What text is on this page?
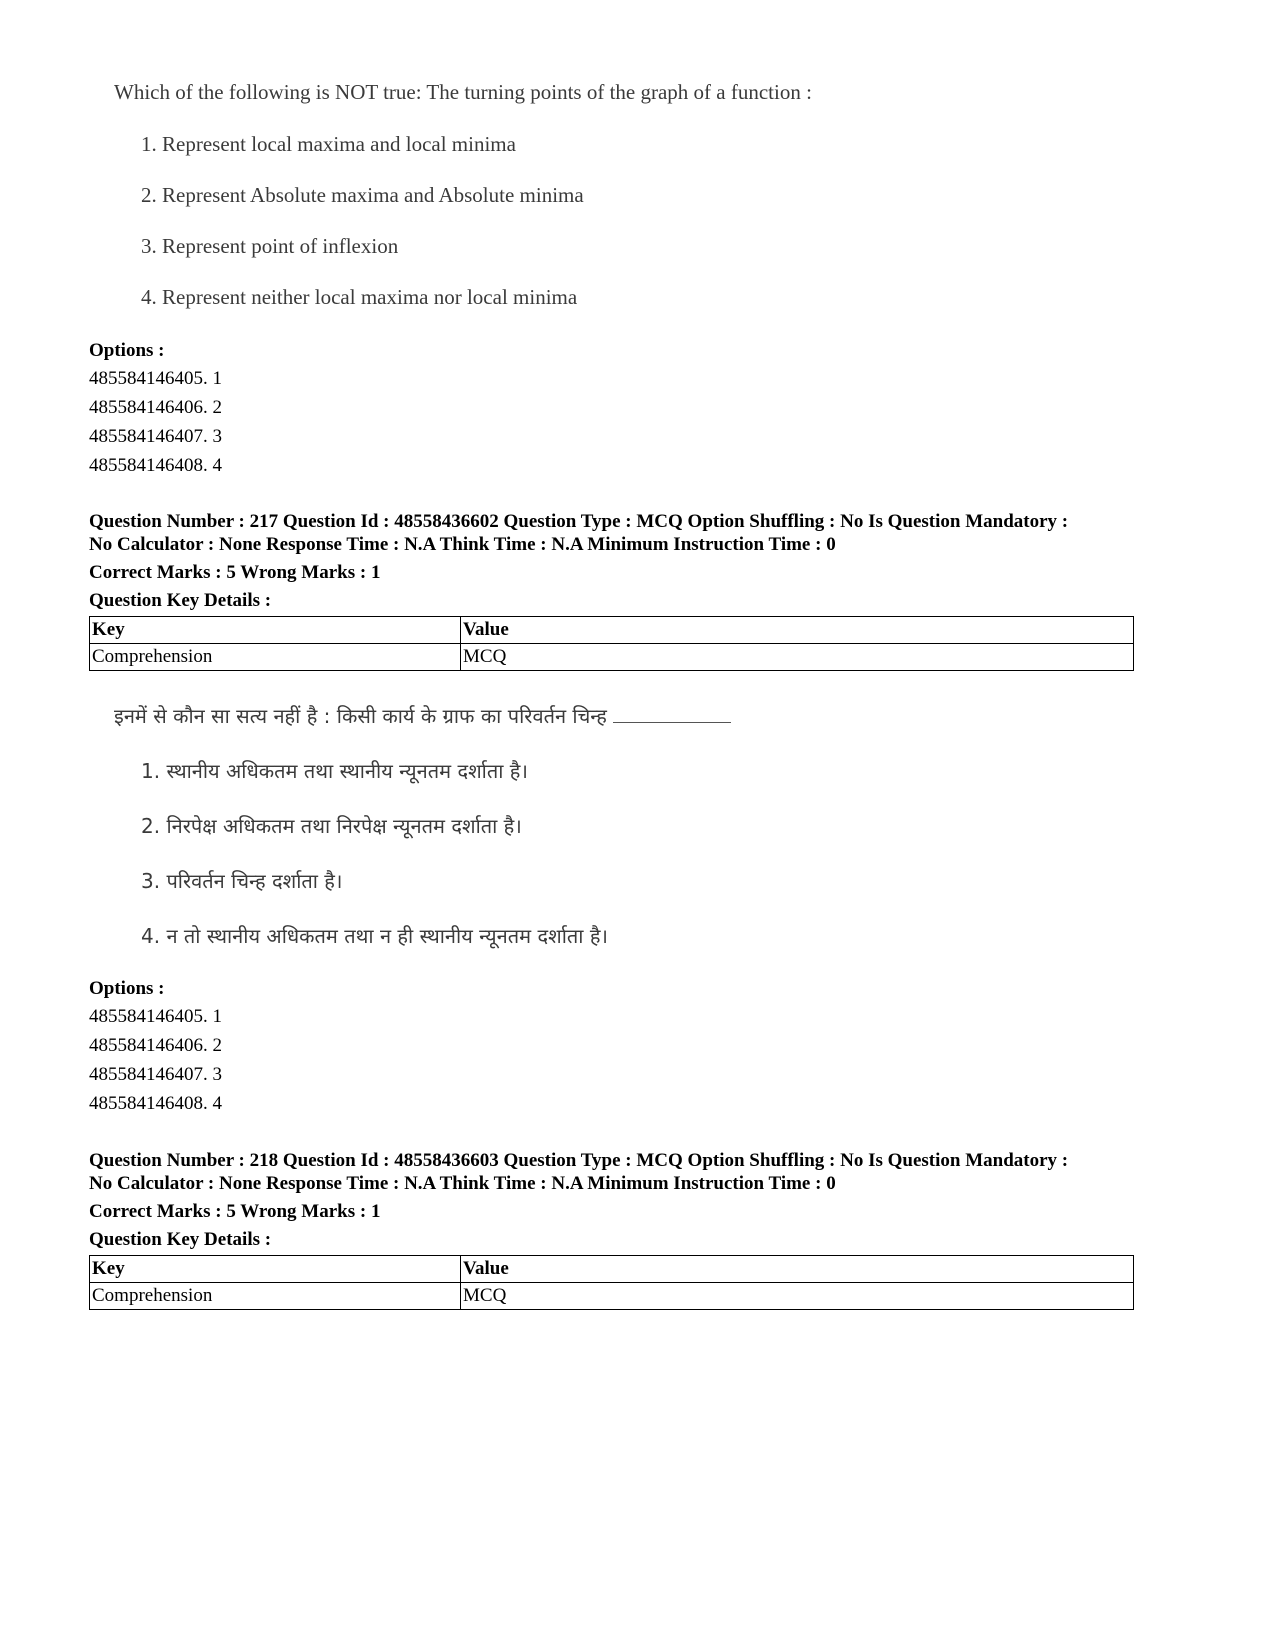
Which of the following is NOT true: The turning points of the graph of a function :
1. Represent local maxima and local minima
2. Represent Absolute maxima and Absolute minima
3. Represent point of inflexion
4. Represent neither local maxima nor local minima
Options :
485584146405. 1
485584146406. 2
485584146407. 3
485584146408. 4
Question Number : 217 Question Id : 48558436602 Question Type : MCQ Option Shuffling : No Is Question Mandatory :
No Calculator : None Response Time : N.A Think Time : N.A Minimum Instruction Time : 0
Correct Marks : 5 Wrong Marks : 1
Question Key Details :
Key	Value
Comprehension	MCQ
इनमें से कौन सा सत्य नहीं है : किसी कार्य के ग्राफ का परिवर्तन चिन्ह
1. स्थानीय अधिकतम तथा स्थानीय न्यूनतम दर्शाता है।
2. निरपेक्ष अधिकतम तथा निरपेक्ष न्यूनतम दर्शाता है।
3. परिवर्तन चिन्ह दर्शाता है।
4. न तो स्थानीय अधिकतम तथा न ही स्थानीय न्यूनतम दर्शाता है।
Options :
485584146405. 1
485584146406. 2
485584146407. 3
485584146408. 4
Question Number : 218 Question Id : 48558436603 Question Type : MCQ Option Shuffling : No Is Question Mandatory :
No Calculator : None Response Time : N.A Think Time : N.A Minimum Instruction Time : 0
Correct Marks : 5 Wrong Marks : 1
Question Key Details :
Key	Value
Comprehension	MCQ
